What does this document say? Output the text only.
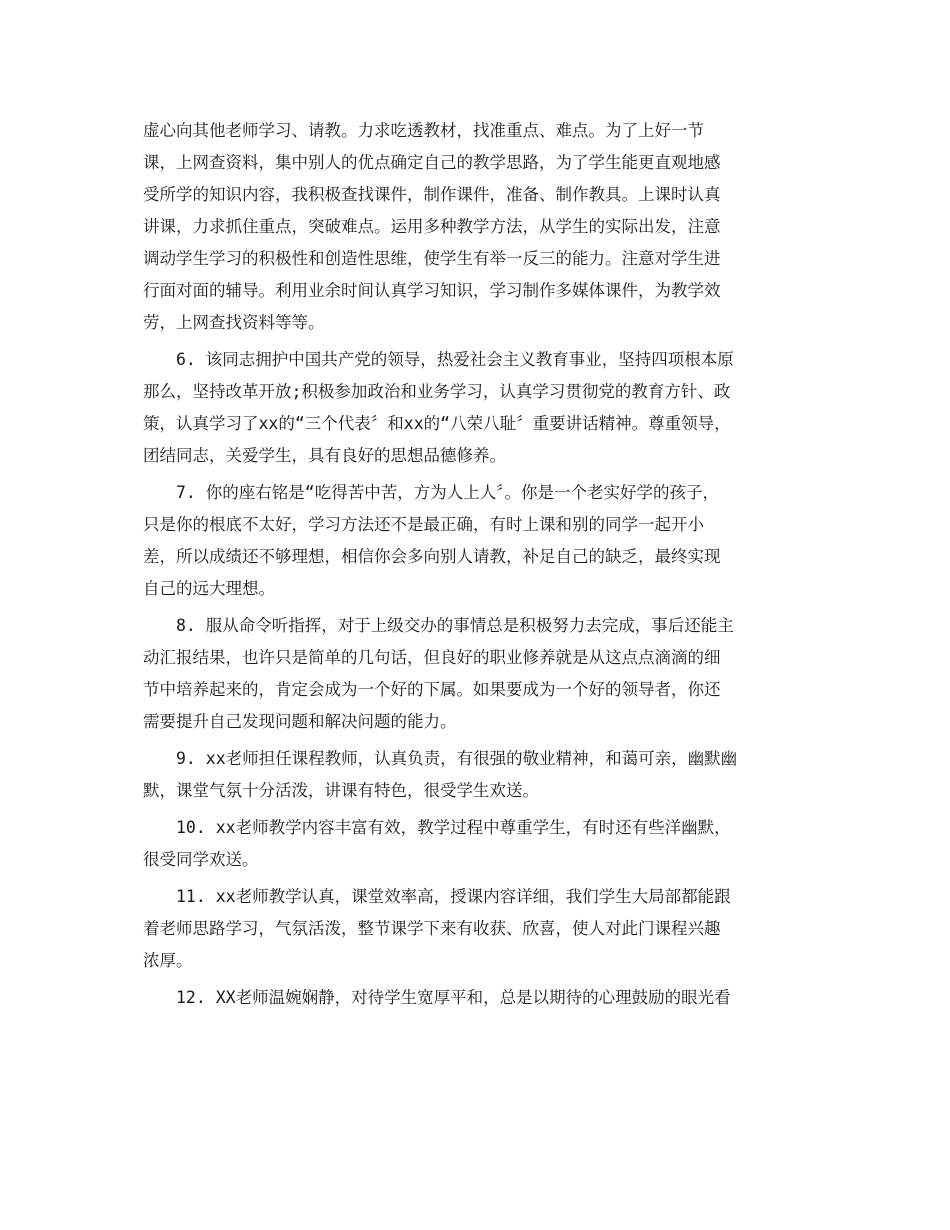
虚心向其他老师学习、请教。力求吃透教材，找准重点、难点。为了上好一节
课，上网查资料，集中别人的优点确定自己的教学思路，为了学生能更直观地感
受所学的知识内容，我积极查找课件，制作课件，准备、制作教具。上课时认真
讲课，力求抓住重点，突破难点。运用多种教学方法，从学生的实际出发，注意
调动学生学习的积极性和创造性思维，使学生有举一反三的能力。注意对学生进
行面对面的辅导。利用业余时间认真学习知识，学习制作多媒体课件，为教学效
劳，上网查找资料等等。
6. 该同志拥护中国共产党的领导，热爱社会主义教育事业，坚持四项根本原
那么，坚持改革开放;积极参加政治和业务学习，认真学习贯彻党的教育方针、政
策，认真学习了xx的“三个代表〞和xx的“八荣八耻〞重要讲话精神。尊重领导，
团结同志，关爱学生，具有良好的思想品德修养。
7. 你的座右铭是“吃得苦中苦，方为人上人〞。你是一个老实好学的孩子，
只是你的根底不太好，学习方法还不是最正确，有时上课和别的同学一起开小
差，所以成绩还不够理想，相信你会多向别人请教，补足自己的缺乏，最终实现
自己的远大理想。
8. 服从命令听指挥，对于上级交办的事情总是积极努力去完成，事后还能主
动汇报结果，也许只是简单的几句话，但良好的职业修养就是从这点点滴滴的细
节中培养起来的，肯定会成为一个好的下属。如果要成为一个好的领导者，你还
需要提升自己发现问题和解决问题的能力。
9. xx老师担任课程教师，认真负责，有很强的敬业精神，和蔼可亲，幽默幽
默，课堂气氛十分活泼，讲课有特色，很受学生欢送。
10. xx老师教学内容丰富有效，教学过程中尊重学生，有时还有些洋幽默，
很受同学欢送。
11. xx老师教学认真，课堂效率高，授课内容详细，我们学生大局部都能跟
着老师思路学习，气氛活泼，整节课学下来有收获、欣喜，使人对此门课程兴趣
浓厚。
12. XX老师温婉娴静，对待学生宽厚平和，总是以期待的心理鼓励的眼光看
